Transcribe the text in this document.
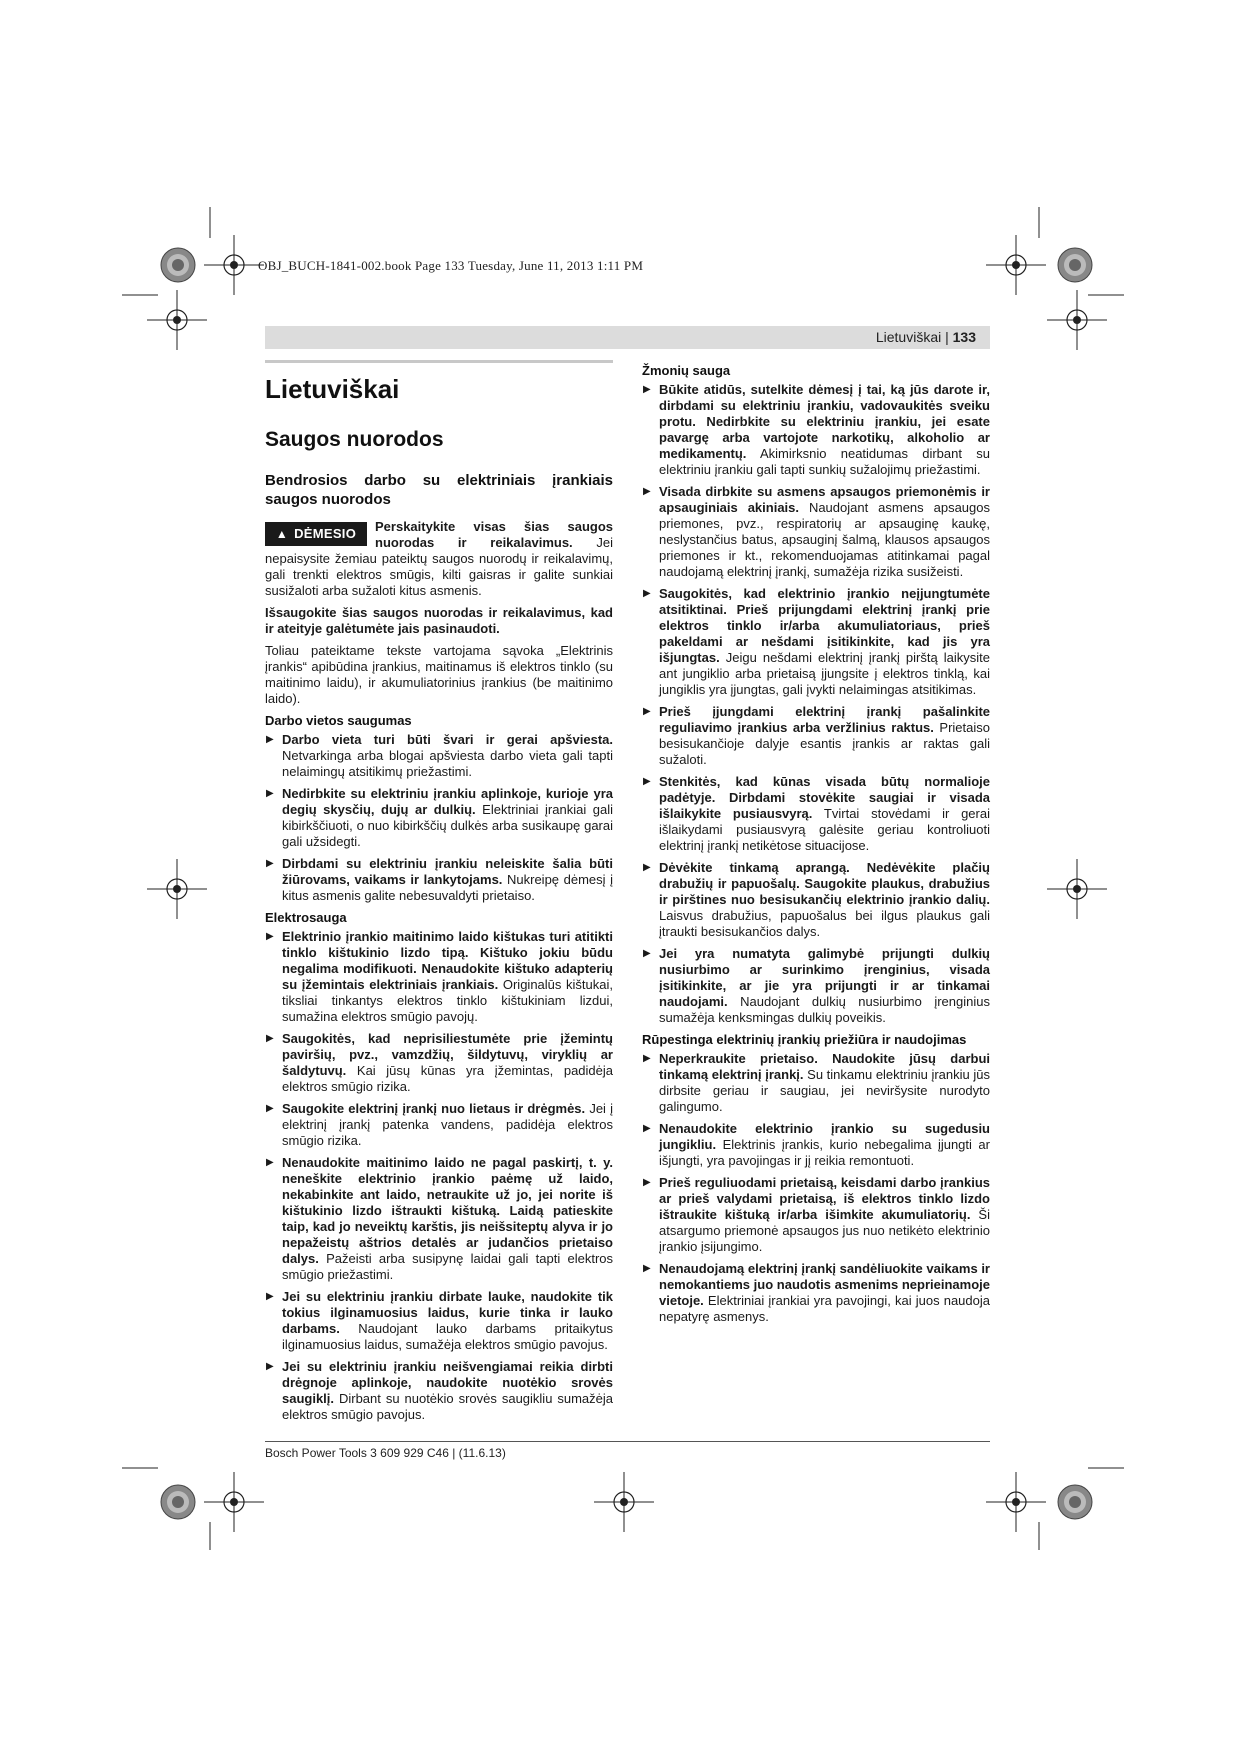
OBJ_BUCH-1841-002.book Page 133 Tuesday, June 11, 2013 1:11 PM
Lietuviškai | 133
Lietuviškai
Saugos nuorodos
Bendrosios darbo su elektriniais įrankiais saugos nuorodos
▲ DĖMESIO Perskaitykite visas šias saugos nuorodas ir reikalavimus. Jei nepaisysite žemiau pateiktų saugos nuorodų ir reikalavimų, gali trenkti elektros smūgis, kilti gaisras ir galite sunkiai susižaloti arba sužaloti kitus asmenis.

Išsaugokite šias saugos nuorodas ir reikalavimus, kad ir ateityje galėtumėte jais pasinaudoti.

Toliau pateiktame tekste vartojama sąvoka „Elektrinis įrankis“ apibūdina įrankius, maitinamus iš elektros tinklo (su maitinimo laidu), ir akumuliatorinius įrankius (be maitinimo laido).

Darbo vietos saugumas
▶ Darbo vieta turi būti švari ir gerai apšviesta. Netvarkinga arba blogai apšviesta darbo vieta gali tapti nelaimingų atsitikimų priežastimi.
▶ Nedirbkite su elektriniu įrankiu aplinkoje, kurioje yra degių skysčių, dujų ar dulkių. Elektriniai įrankiai gali kibirkščiuoti, o nuo kibirkščių dulkės arba susikaupę garai gali užsidegti.
▶ Dirbdami su elektriniu įrankiu neleiskite šalia būti žiūrovams, vaikams ir lankytojams. Nukreipę dėmesį į kitus asmenis galite nebesuvaldyti prietaiso.
Elektrosauga
▶ Elektrinio įrankio maitinimo laido kištukas turi atitikti tinklo kištukinio lizdo tipą. Kištuko jokiu būdu negalima modifikuoti. Nenaudokite kištuko adapterių su įžemintais elektriniais įrankiais. Originalūs kištukai, tiksliai tinkantys elektros tinklo kištukiniam lizdui, sumažina elektros smūgio pavojų.
▶ Saugokitės, kad neprisiliestumėte prie įžemintų paviršių, pvz., vamzdžių, šildytuvų, viryklių ar šaldytuvų. Kai jūsų kūnas yra įžemintas, padidėja elektros smūgio rizika.
▶ Saugokite elektrinį įrankį nuo lietaus ir drėgmės. Jei į elektrinį įrankį patenka vandens, padidėja elektros smūgio rizika.
▶ Nenaudokite maitinimo laido ne pagal paskirtį, t. y. neneškite elektrinio įrankio paėmę už laido, nekabinkite ant laido, netraukite už jo, jei norite iš kištukinio lizdo ištraukti kištuką. Laidą patieskite taip, kad jo neveiktų karštis, jis neišsiteptų alyva ir jo nepažeistų aštrios detalės ar judančios prietaiso dalys. Pažeisti arba susipynę laidai gali tapti elektros smūgio priežastimi.
▶ Jei su elektriniu įrankiu dirbate lauke, naudokite tik tokius ilginamuosius laidus, kurie tinka ir lauko darbams. Naudojant lauko darbams pritaikytus ilginamuosius laidus, sumažėja elektros smūgio pavojus.
▶ Jei su elektriniu įrankiu neišvengiamai reikia dirbti drėgnoje aplinkoje, naudokite nuotėkio srovės saugiklį. Dirbant su nuotėkio srovės saugikliu sumažėja elektros smūgio pavojus.
Žmonių sauga
▶ Būkite atidūs, sutelkite dėmesį į tai, ką jūs darote ir, dirbdami su elektriniu įrankiu, vadovaukitės sveiku protu. Nedirbkite su elektriniu įrankiu, jei esate pavargę arba vartojote narkotikų, alkoholio ar medikamentų. Akimirksnio neatidumas dirbant su elektriniu įrankiu gali tapti sunkių sužalojimų priežastimi.
▶ Visada dirbkite su asmens apsaugos priemonėmis ir apsauginiais akiniais. Naudojant asmens apsaugos priemones, pvz., respiratorių ar apsauginę kaukę, neslystančius batus, apsauginį šalmą, klausos apsaugos priemones ir kt., rekomenduojamas atitinkamai pagal naudojamą elektrinį įrankį, sumažėja rizika susižeisti.
▶ Saugokitės, kad elektrinio įrankio neįjungtumėte atsitiktinai. Prieš prijungdami elektrinį įrankį prie elektros tinklo ir/arba akumuliatoriaus, prieš pakeldami ar nešdami įsitikinkite, kad jis yra išjungtas. Jeigu nešdami elektrinį įrankį pirštą laikysite ant jungiklio arba prietaisą įjungsite į elektros tinklą, kai jungiklis yra įjungtas, gali įvykti nelaimingas atsitikimas.
▶ Prieš įjungdami elektrinį įrankį pašalinkite reguliavimo įrankius arba veržlinius raktus. Prietaiso besisukančioje dalyje esantis įrankis ar raktas gali sužaloti.
▶ Stenkitės, kad kūnas visada būtų normalioje padėtyje. Dirbdami stovėkite saugiai ir visada išlaikykite pusiausvyrą. Tvirtai stovėdami ir gerai išlaikydami pusiausvyrą galėsite geriau kontroliuoti elektrinį įrankį netikėtose situacijose.
▶ Dėvėkite tinkamą aprangą. Nedėvėkite plačių drabužių ir papuošalų. Saugokite plaukus, drabužius ir pirštines nuo besisukančių elektrinio įrankio dalių. Laisvus drabužius, papuošalus bei ilgus plaukus gali įtraukti besisukančios dalys.
▶ Jei yra numatyta galimybė prijungti dulkių nusiurbimo ar surinkimo įrenginius, visada įsitikinkite, ar jie yra prijungti ir ar tinkamai naudojami. Naudojant dulkių nusiurbimo įrenginius sumažėja kenksmingas dulkių poveikis.
Rūpestinga elektrinių įrankių priežiūra ir naudojimas
▶ Neperkraukite prietaiso. Naudokite jūsų darbui tinkamą elektrinį įrankį. Su tinkamu elektriniu įrankiu jūs dirbsite geriau ir saugiau, jei neviršysite nurodyto galingumo.
▶ Nenaudokite elektrinio įrankio su sugedusiu jungikliu. Elektrinis įrankis, kurio nebegalima įjungti ar išjungti, yra pavojingas ir jį reikia remontuoti.
▶ Prieš reguliuodami prietaisą, keisdami darbo įrankius ar prieš valydami prietaisą, iš elektros tinklo lizdo ištraukite kištuką ir/arba išimkite akumuliatorių. Ši atsargumo priemonė apsaugos jus nuo netikėto elektrinio įrankio įsijungimo.
▶ Nenaudojamą elektrinį įrankį sandėliuokite vaikams ir nemokantiems juo naudotis asmenims neprieinamoje vietoje. Elektriniai įrankiai yra pavojingi, kai juos naudoja nepatyrę asmenys.
Bosch Power Tools 3 609 929 C46 | (11.6.13)
